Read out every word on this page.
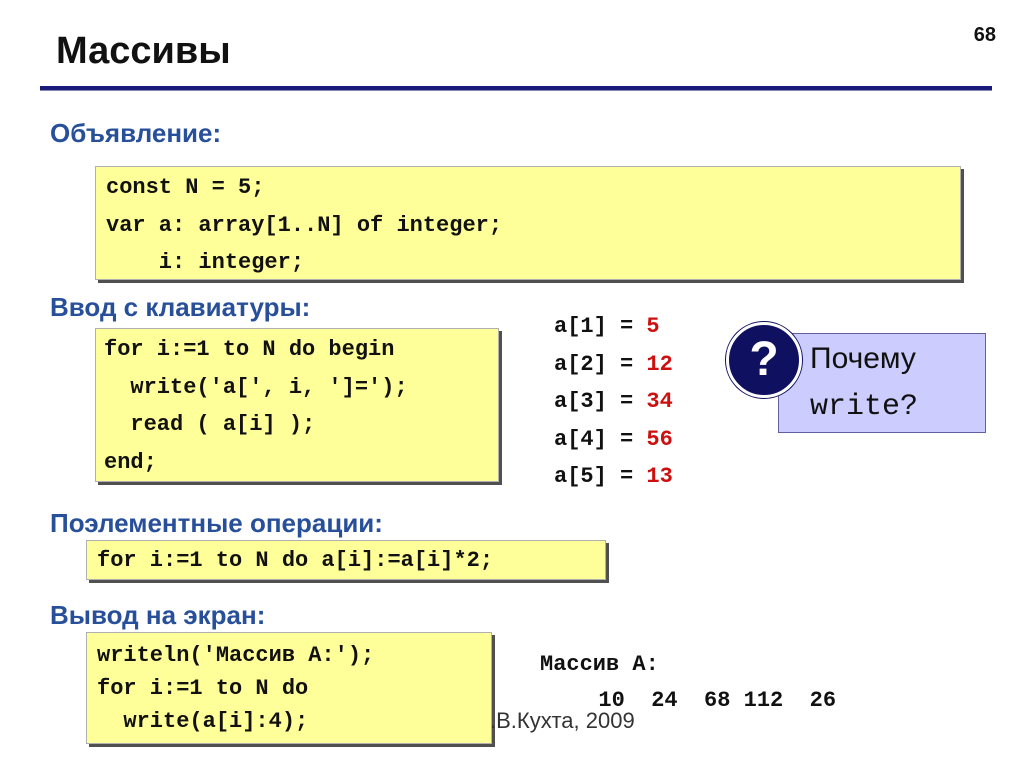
Массивы	68
Объявление:
const N = 5;
var a: array[1..N] of integer;
i: integer;
Ввод с клавиатуры:
for i:=1 to N do begin
write('a[', i, ']=');
read ( a[i] );
end;
a[1] = 5
a[2] = 12
a[3] = 34
a[4] = 56
a[5] = 13
?	Почему
write?
Поэлементные операции:
for i:=1 to N do a[i]:=a[i]*2;
Вывод на экран:
writeln('Массив A:');
for i:=1 to N do
write(a[i]:4);	.В.Кухта, 2009
Массив A:
10  24  68 112  26
